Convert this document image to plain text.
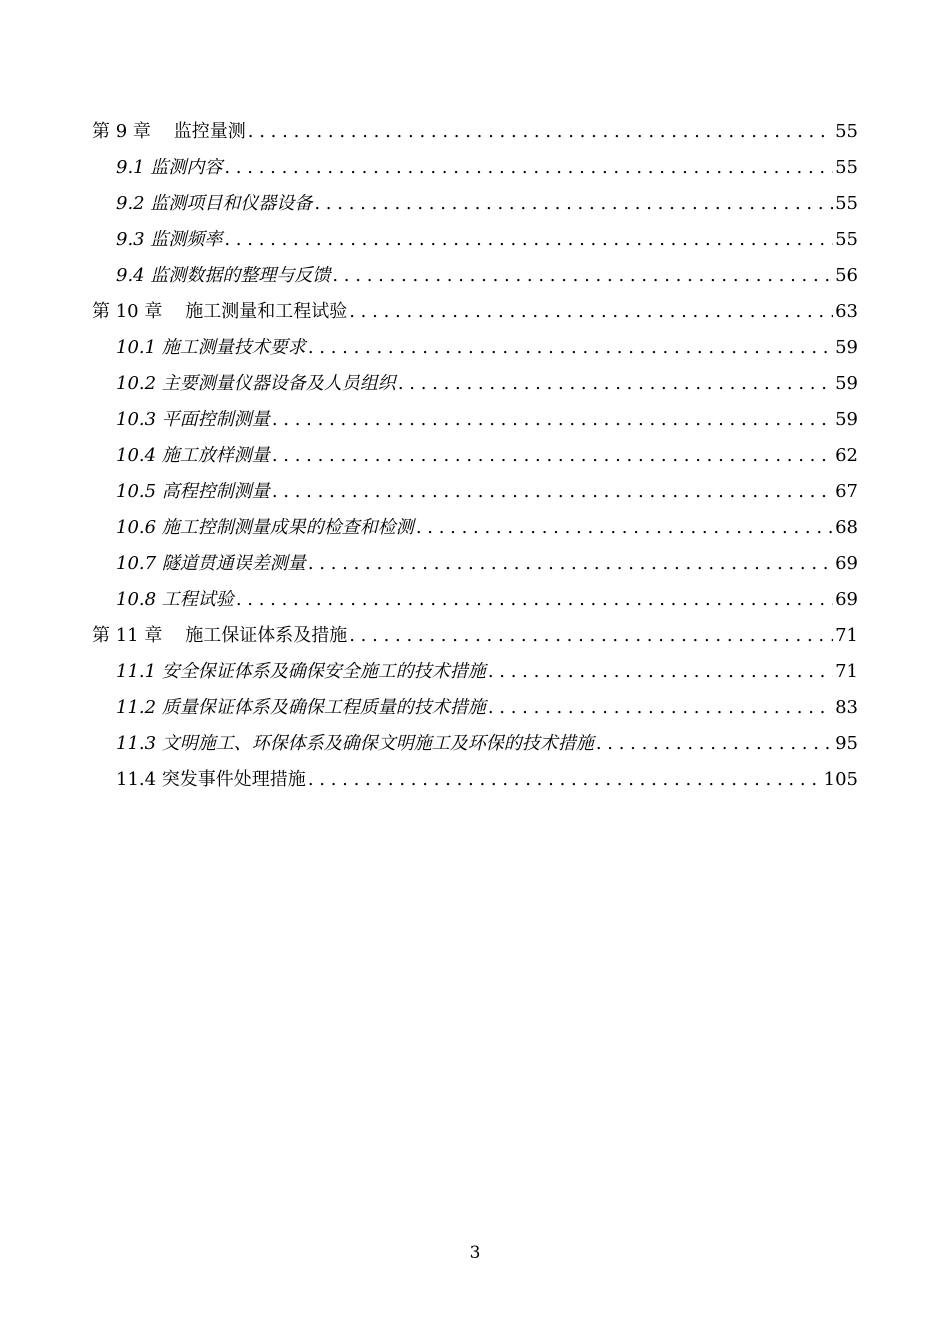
第 9 章    监控量测 . . .	55
9.1 监测内容 . . .	55
9.2 监测项目和仪器设备 . . .	55
9.3 监测频率 . . .	55
9.4 监测数据的整理与反馈 . . .	56
第 10 章    施工测量和工程试验 . . .	63
10.1 施工测量技术要求 . . .	59
10.2 主要测量仪器设备及人员组织 . . .	59
10.3 平面控制测量 . . .	59
10.4 施工放样测量 . . .	62
10.5 高程控制测量 . . .	67
10.6 施工控制测量成果的检查和检测 . . .	68
10.7 隧道贯通误差测量 . . .	69
10.8 工程试验 . . .	69
第 11 章    施工保证体系及措施 . . .	71
11.1 安全保证体系及确保安全施工的技术措施 . . .	71
11.2 质量保证体系及确保工程质量的技术措施 . . .	83
11.3 文明施工、环保体系及确保文明施工及环保的技术措施 . . .	95
11.4 突发事件处理措施 . . .	105
3
